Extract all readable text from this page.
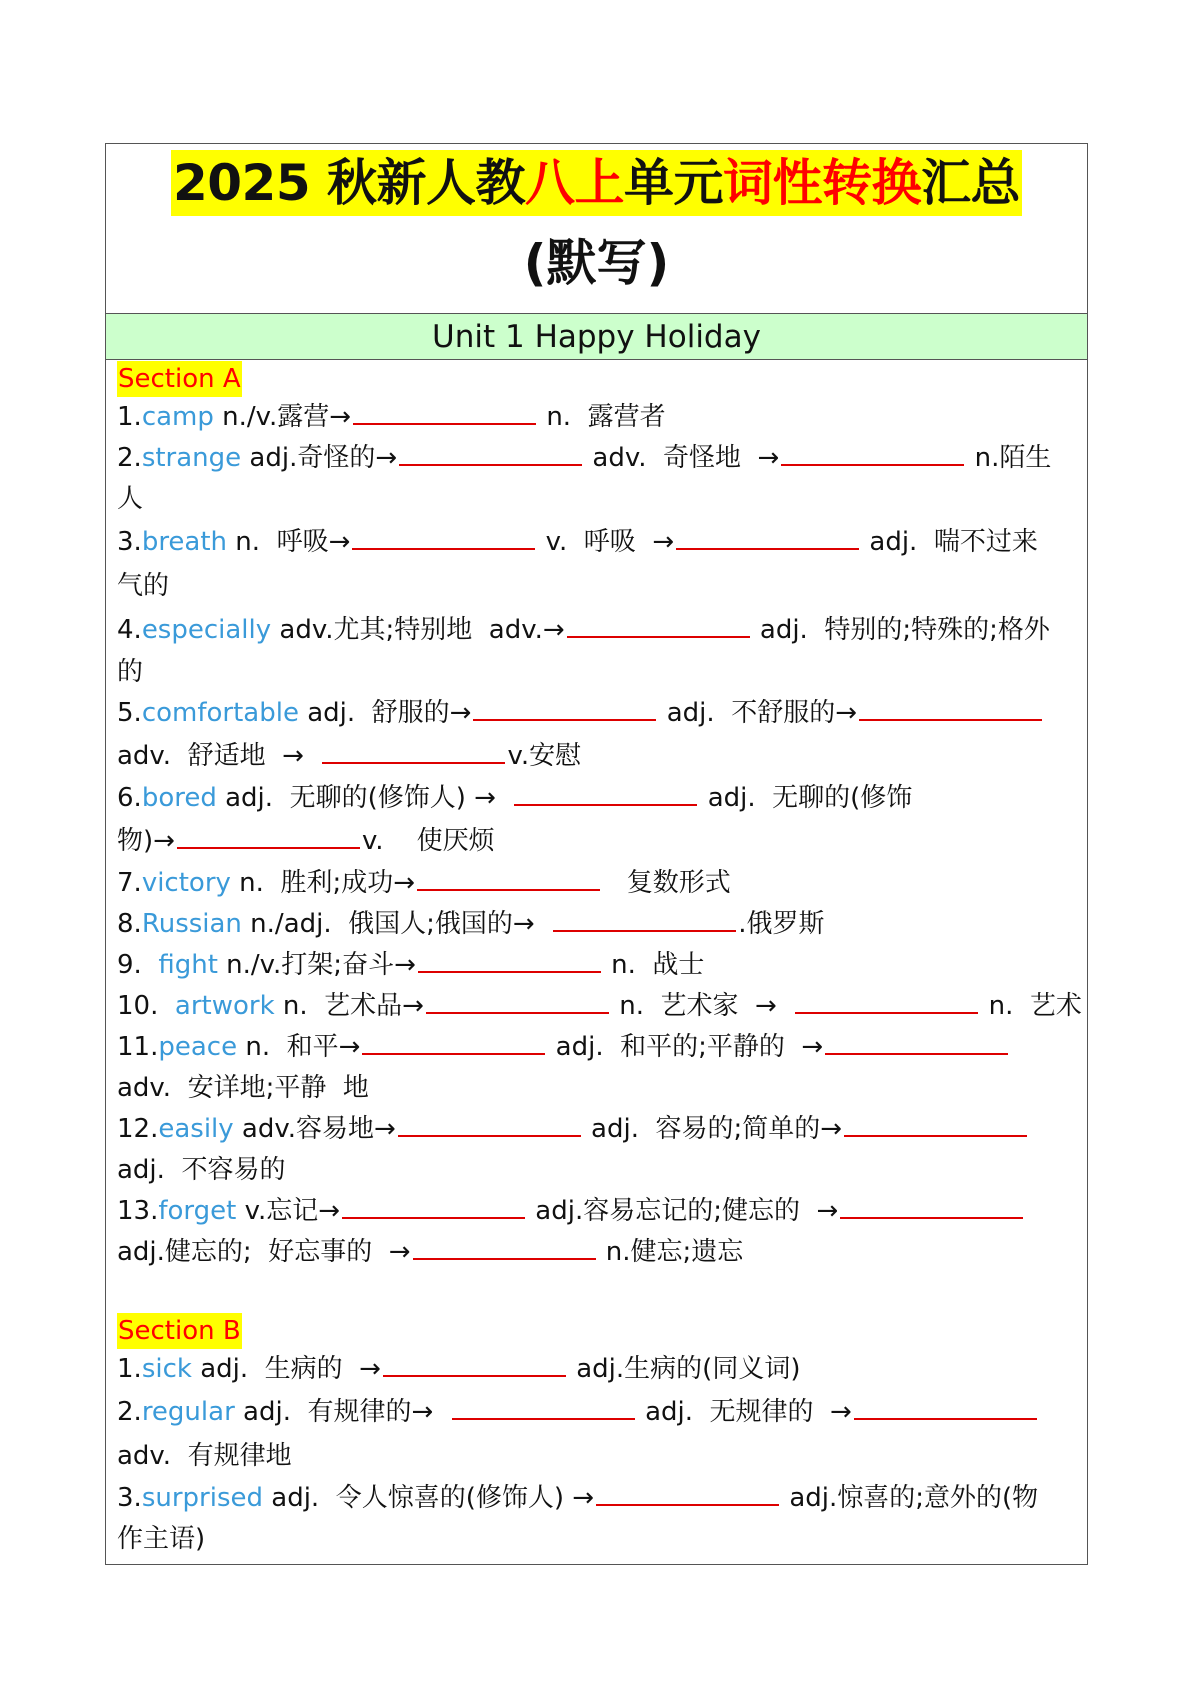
2025 秋新人教八上单元词性转换汇总
(默写)
Unit 1 Happy Holiday
Section A
1.camp n./v.露营→	n.  露营者
2.strange adj.奇怪的→	adv.  奇怪地  →	n.陌生
人
3.breath n.  呼吸→	v.  呼吸  →	adj.  喘不过来
气的
4.especially adv.尤其;特别地  adv.→	adj.  特别的;特殊的;格外
的
5.comfortable adj.  舒服的→	adj.  不舒服的→
adv.  舒适地  →	v.安慰
6.bored adj.  无聊的(修饰人) →	adj.  无聊的(修饰
物)→	v.    使厌烦
7.victory n.  胜利;成功→	复数形式
8.Russian n./adj.  俄国人;俄国的→	.俄罗斯
9.  fight n./v.打架;奋斗→	n.  战士
10.  artwork n.  艺术品→	n.  艺术家  →	n.  艺术
11.peace n.  和平→	adj.  和平的;平静的  →
adv.  安详地;平静  地
12.easily adv.容易地→	adj.  容易的;简单的→
adj.  不容易的
13.forget v.忘记→	adj.容易忘记的;健忘的  →
adj.健忘的;  好忘事的  →	n.健忘;遗忘
Section B
1.sick adj.  生病的  →	adj.生病的(同义词)
2.regular adj.  有规律的→	adj.  无规律的  →
adv.  有规律地
3.surprised adj.  令人惊喜的(修饰人) →	adj.惊喜的;意外的(物
作主语)
